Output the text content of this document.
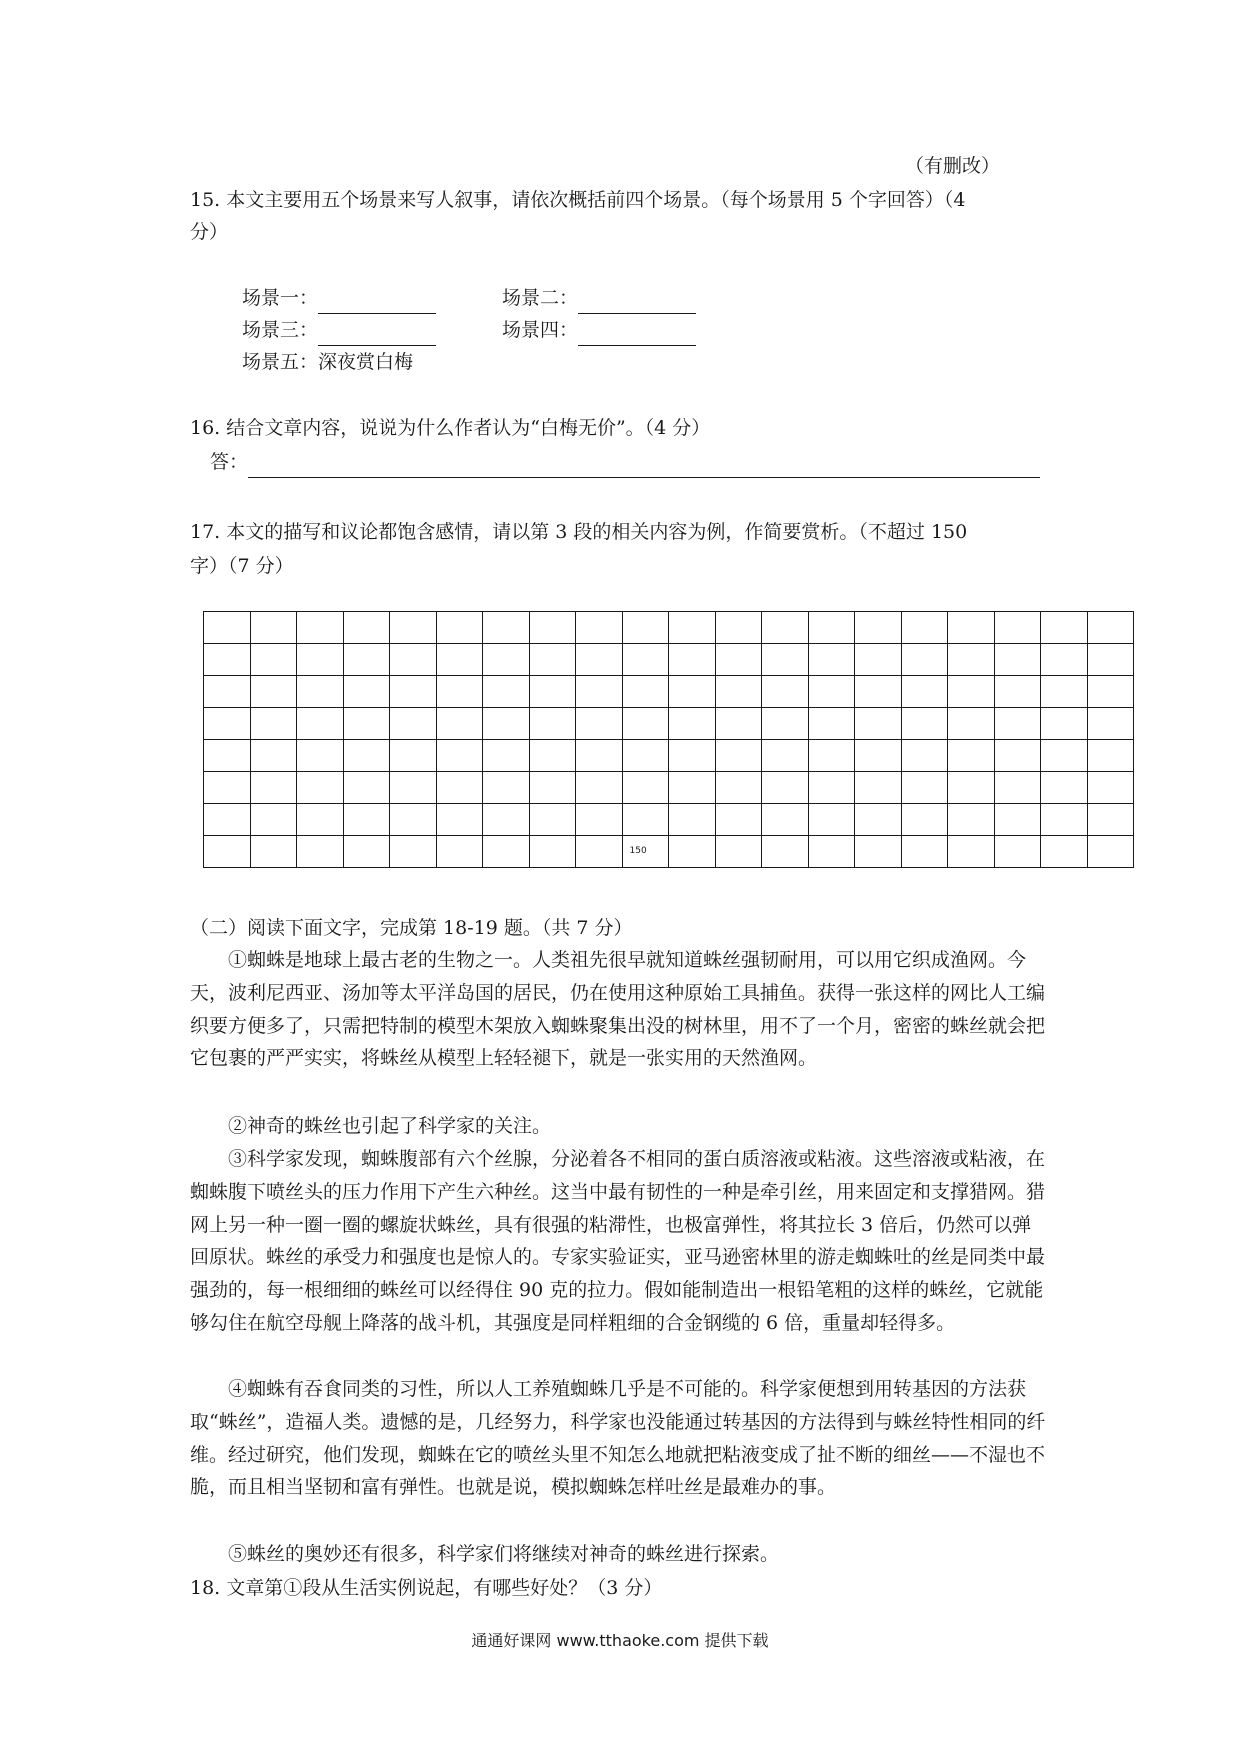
（有删改）
15. 本文主要用五个场景来写人叙事，请依次概括前四个场景。（每个场景用 5 个字回答）（4
分）
场景一：	场景二：
场景三：	场景四：
场景五：深夜赏白梅
16. 结合文章内容，说说为什么作者认为“白梅无价”。（4 分）
答：
17. 本文的描写和议论都饱含感情，请以第 3 段的相关内容为例，作简要赏析。（不超过 150
字）（7 分）

									150										

（二）阅读下面文字，完成第 18-19 题。（共 7 分）
①蜘蛛是地球上最古老的生物之一。人类祖先很早就知道蛛丝强韧耐用，可以用它织成渔网。今天，波利尼西亚、汤加等太平洋岛国的居民，仍在使用这种原始工具捕鱼。获得一张这样的网比人工编织要方便多了，只需把特制的模型木架放入蜘蛛聚集出没的树林里，用不了一个月，密密的蛛丝就会把它包裹的严严实实，将蛛丝从模型上轻轻褪下，就是一张实用的天然渔网。
②神奇的蛛丝也引起了科学家的关注。
③科学家发现，蜘蛛腹部有六个丝腺，分泌着各不相同的蛋白质溶液或粘液。这些溶液或粘液，在蜘蛛腹下喷丝头的压力作用下产生六种丝。这当中最有韧性的一种是牵引丝，用来固定和支撑猎网。猎网上另一种一圈一圈的螺旋状蛛丝，具有很强的粘滞性，也极富弹性，将其拉长 3 倍后，仍然可以弹回原状。蛛丝的承受力和强度也是惊人的。专家实验证实，亚马逊密林里的游走蜘蛛吐的丝是同类中最强劲的，每一根细细的蛛丝可以经得住 90 克的拉力。假如能制造出一根铅笔粗的这样的蛛丝，它就能够勾住在航空母舰上降落的战斗机，其强度是同样粗细的合金钢缆的 6 倍，重量却轻得多。
④蜘蛛有吞食同类的习性，所以人工养殖蜘蛛几乎是不可能的。科学家便想到用转基因的方法获取“蛛丝”，造福人类。遗憾的是，几经努力，科学家也没能通过转基因的方法得到与蛛丝特性相同的纤维。经过研究，他们发现，蜘蛛在它的喷丝头里不知怎么地就把粘液变成了扯不断的细丝——不湿也不脆，而且相当坚韧和富有弹性。也就是说，模拟蜘蛛怎样吐丝是最难办的事。
⑤蛛丝的奥妙还有很多，科学家们将继续对神奇的蛛丝进行探索。
18. 文章第①段从生活实例说起，有哪些好处？（3 分）
通通好课网 www.tthaoke.com 提供下载
